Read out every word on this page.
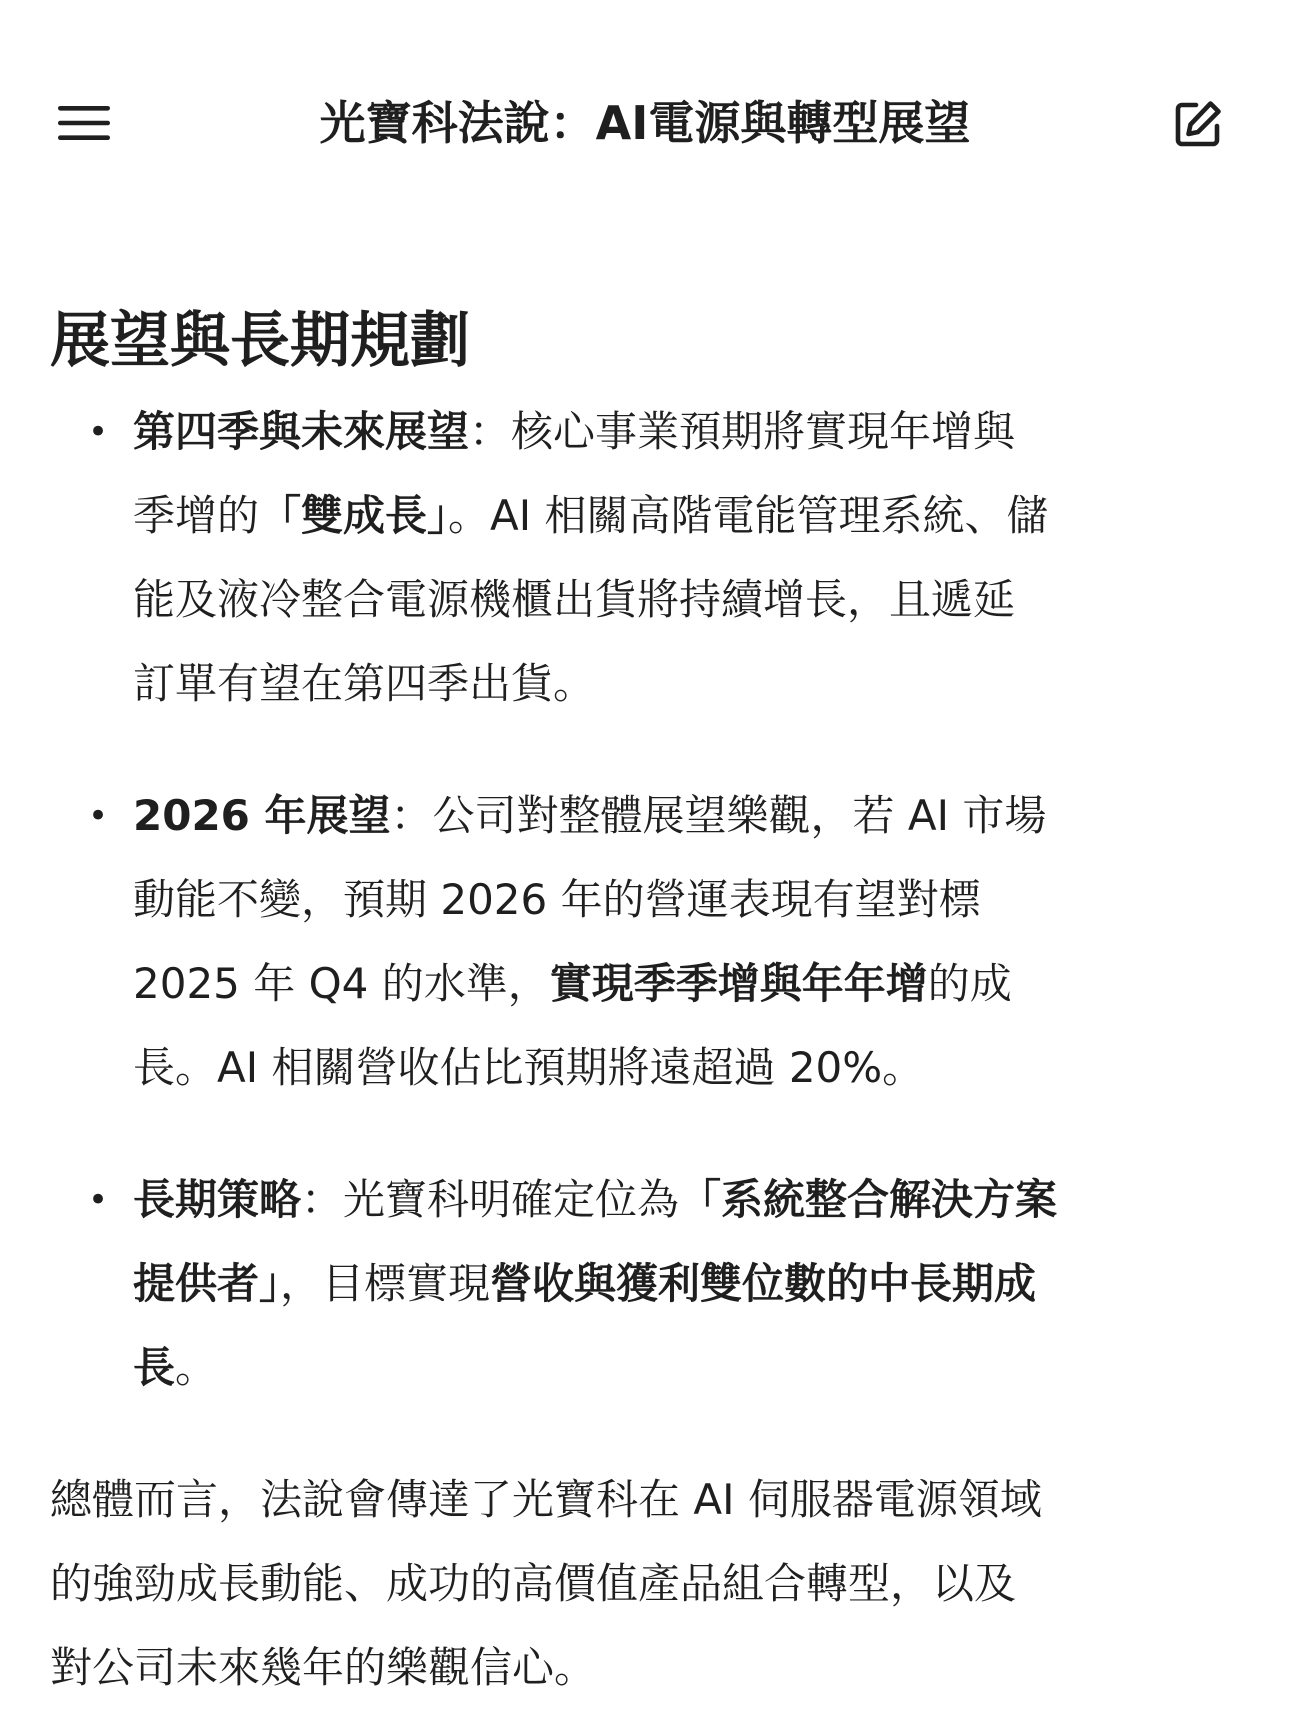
光寶科法說：AI電源與轉型展望
展望與長期規劃
• 第四季與未來展望：核心事業預期將實現年增與
季增的「雙成長」。AI 相關高階電能管理系統、儲
能及液冷整合電源機櫃出貨將持續增長，且遞延
訂單有望在第四季出貨。
• 2026 年展望：公司對整體展望樂觀，若 AI 市場
動能不變，預期 2026 年的營運表現有望對標
2025 年 Q4 的水準，實現季季增與年年增的成
長。AI 相關營收佔比預期將遠超過 20%。
• 長期策略：光寶科明確定位為「系統整合解決方案
提供者」，目標實現營收與獲利雙位數的中長期成
長。
總體而言，法說會傳達了光寶科在 AI 伺服器電源領域
的強勁成長動能、成功的高價值產品組合轉型，以及
對公司未來幾年的樂觀信心。
